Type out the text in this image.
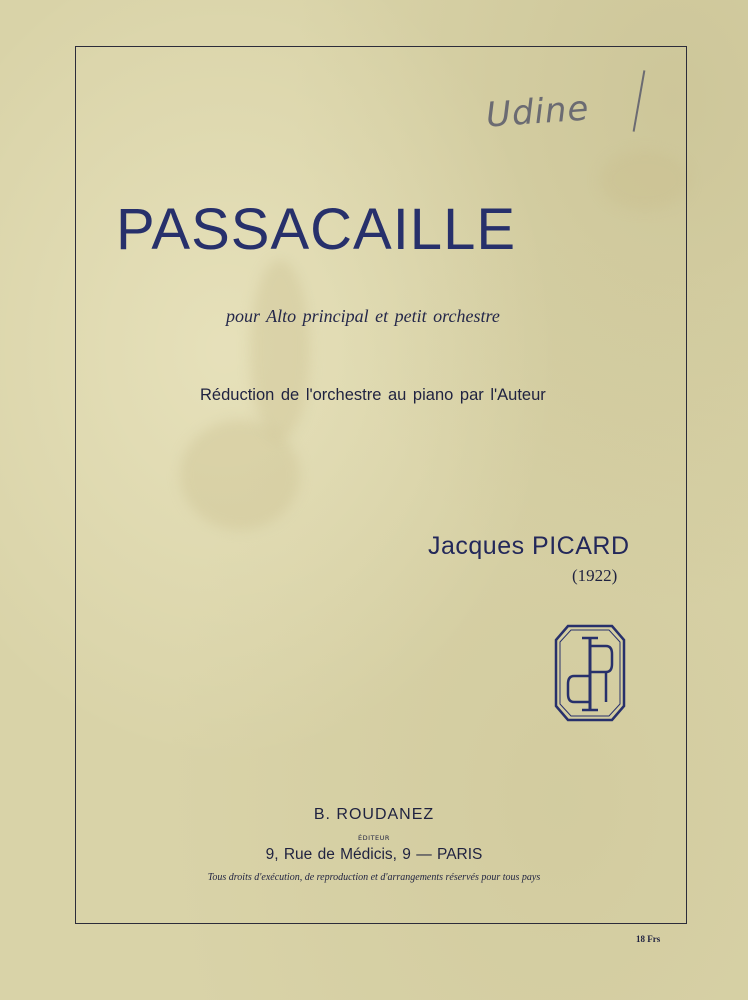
Udine
PASSACAILLE
pour Alto principal et petit orchestre
Réduction de l'orchestre au piano par l'Auteur
Jacques PICARD
(1922)
B. ROUDANEZ
ÉDITEUR
9, Rue de Médicis, 9 — PARIS
Tous droits d'exécution, de reproduction et d'arrangements réservés pour tous pays
18 Frs
